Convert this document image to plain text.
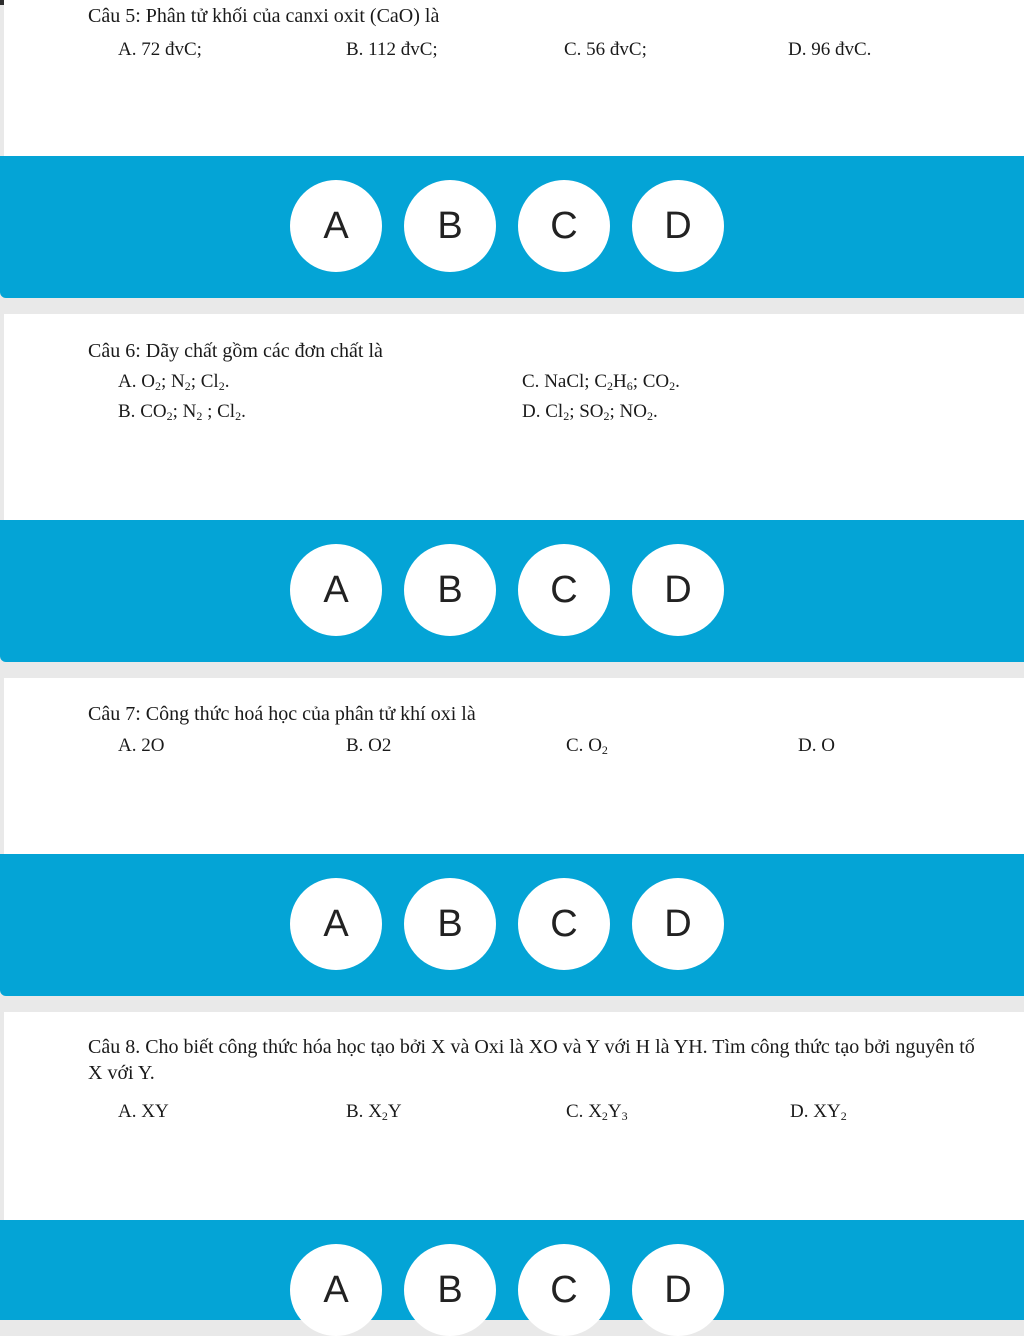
Câu 5: Phân tử khối của canxi oxit (CaO) là
A. 72 đvC;	B. 112 đvC;	C. 56 đvC;	D. 96 đvC.
A	B	C	D
Câu 6: Dãy chất gồm các đơn chất là
A. $O_2$; $N_2$; $Cl_2$.	C. NaCl; $C_2H_6$; $CO_2$.
B. $CO_2$; $N_2$ ; $Cl_2$.	D. $Cl_2$; $SO_2$; $NO_2$.
A	B	C	D
Câu 7: Công thức hoá học của phân tử khí oxi là
A. 2O	B. O2	C. $O_2$	D. O
A	B	C	D
Câu 8. Cho biết công thức hóa học tạo bởi X và Oxi là XO và Y với H là YH. Tìm công thức tạo bởi nguyên tố X với Y.
A. XY	B. $X_2Y$	C. $X_2Y_3$	D. $XY_2$
A	B	C	D
